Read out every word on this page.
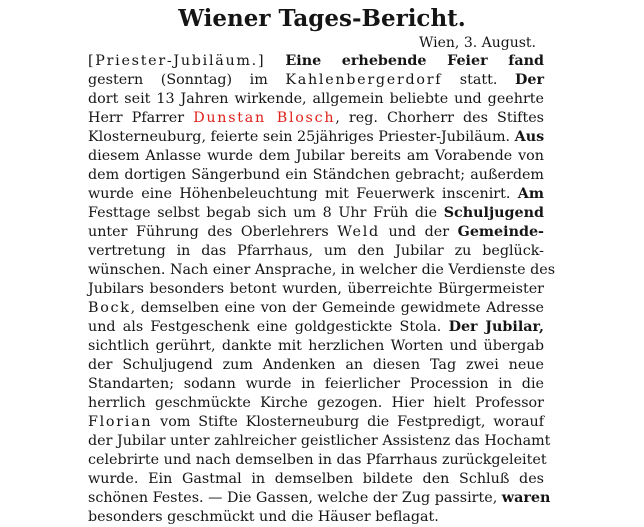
Wiener Tages-Bericht.
Wien, 3. August.
[Priester-Jubiläum.] Eine erhebende Feier fand
gestern (Sonntag) im Kahlenbergerdorf statt. Der
dort seit 13 Jahren wirkende, allgemein beliebte und geehrte
Herr Pfarrer Dunstan Blosch, reg. Chorherr des Stiftes
Klosterneuburg, feierte sein 25jähriges Priester-Jubiläum. Aus
diesem Anlasse wurde dem Jubilar bereits am Vorabende von
dem dortigen Sängerbund ein Ständchen gebracht; außerdem
wurde eine Höhenbeleuchtung mit Feuerwerk inscenirt. Am
Festtage selbst begab sich um 8 Uhr Früh die Schuljugend
unter Führung des Oberlehrers Weld und der Gemeinde-
vertretung in das Pfarrhaus, um den Jubilar zu beglück-
wünschen. Nach einer Ansprache, in welcher die Verdienste des
Jubilars besonders betont wurden, überreichte Bürgermeister
Bock, demselben eine von der Gemeinde gewidmete Adresse
und als Festgeschenk eine goldgestickte Stola. Der Jubilar,
sichtlich gerührt, dankte mit herzlichen Worten und übergab
der Schuljugend zum Andenken an diesen Tag zwei neue
Standarten; sodann wurde in feierlicher Procession in die
herrlich geschmückte Kirche gezogen. Hier hielt Professor
Florian vom Stifte Klosterneuburg die Festpredigt, worauf
der Jubilar unter zahlreicher geistlicher Assistenz das Hochamt
celebrirte und nach demselben in das Pfarrhaus zurückgeleitet
wurde. Ein Gastmal in demselben bildete den Schluß des
schönen Festes. — Die Gassen, welche der Zug passirte, waren
besonders geschmückt und die Häuser beflagat.
